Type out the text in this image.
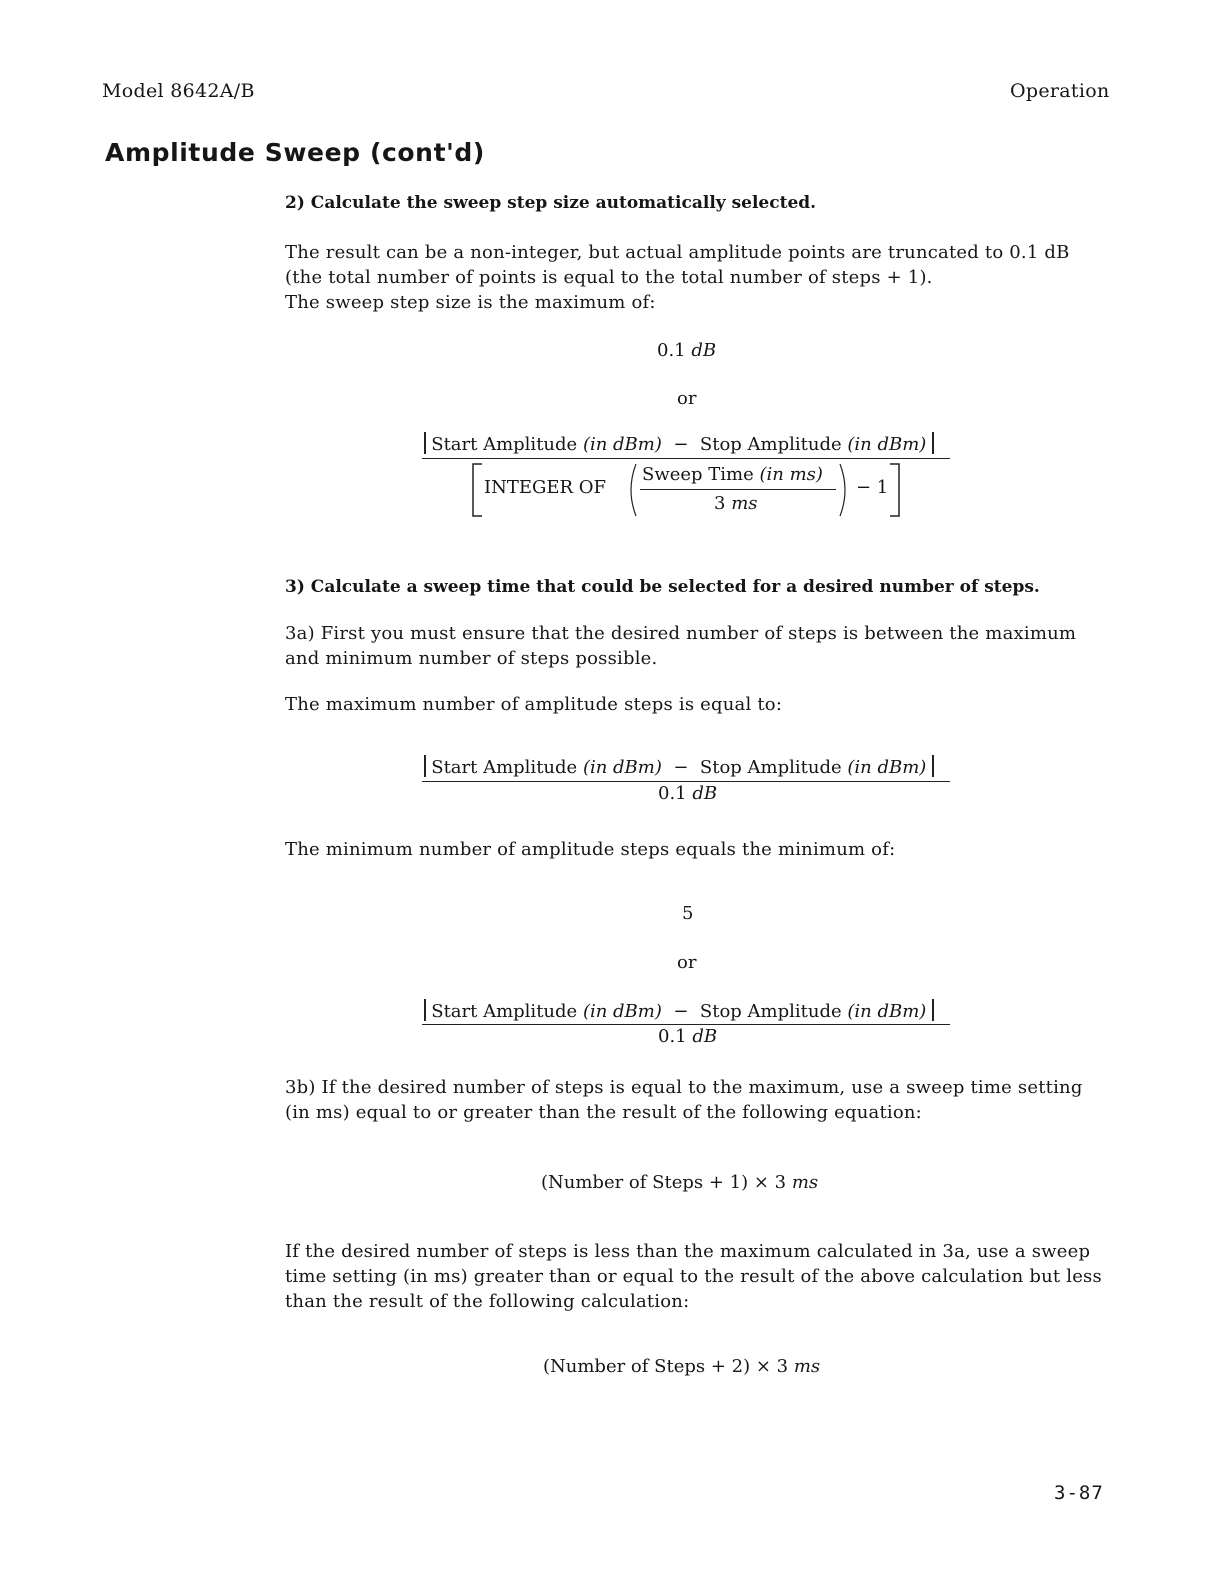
Model 8642A/B	Operation
Amplitude Sweep (cont'd)
2) Calculate the sweep step size automatically selected.
The result can be a non-integer, but actual amplitude points are truncated to 0.1 dB
(the total number of points is equal to the total number of steps + 1).
The sweep step size is the maximum of:
0.1 dB
or
Start Amplitude (in dBm) − Stop Amplitude (in dBm)
INTEGER OF
Sweep Time (in ms)
3 ms
− 1
3) Calculate a sweep time that could be selected for a desired number of steps.
3a) First you must ensure that the desired number of steps is between the maximum
and minimum number of steps possible.
The maximum number of amplitude steps is equal to:
Start Amplitude (in dBm) − Stop Amplitude (in dBm)
0.1 dB
The minimum number of amplitude steps equals the minimum of:
5
or
Start Amplitude (in dBm) − Stop Amplitude (in dBm)
0.1 dB
3b) If the desired number of steps is equal to the maximum, use a sweep time setting
(in ms) equal to or greater than the result of the following equation:
(Number of Steps + 1) × 3 ms
If the desired number of steps is less than the maximum calculated in 3a, use a sweep
time setting (in ms) greater than or equal to the result of the above calculation but less
than the result of the following calculation:
(Number of Steps + 2) × 3 ms
3-87
